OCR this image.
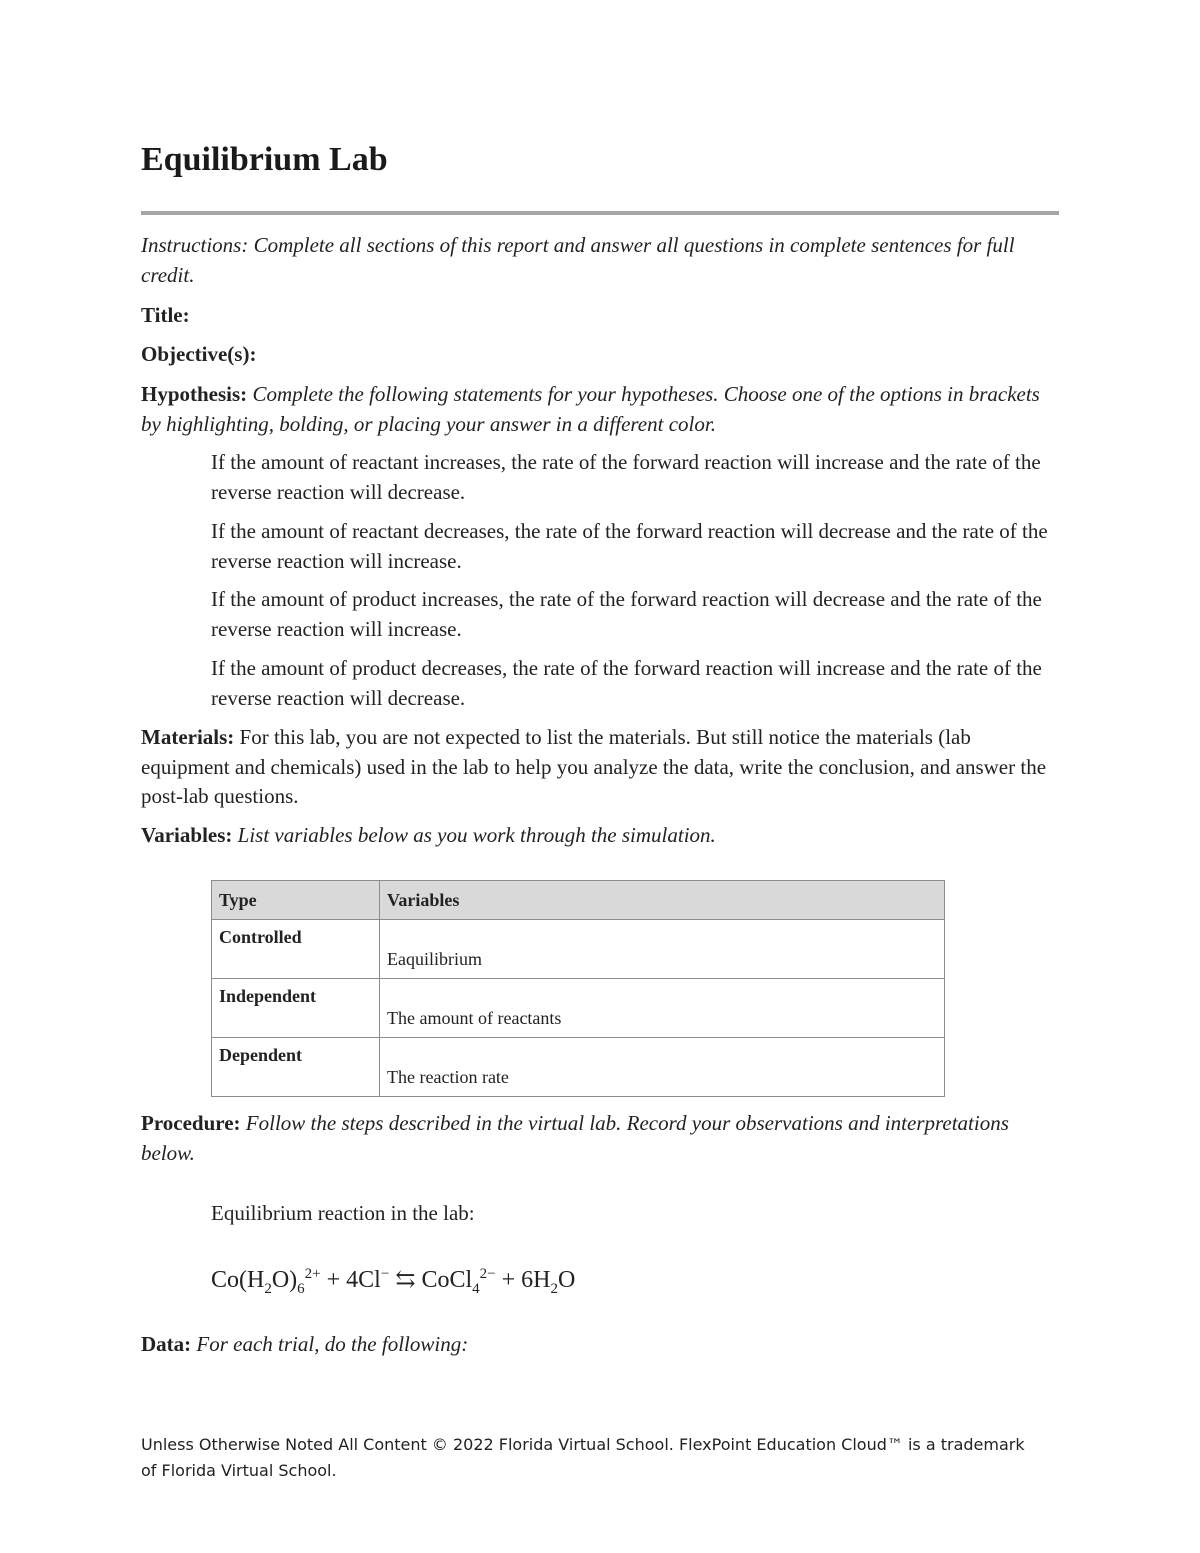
Equilibrium Lab

Instructions: Complete all sections of this report and answer all questions in complete sentences for full credit.

Title:

Objective(s):

Hypothesis: Complete the following statements for your hypotheses. Choose one of the options in brackets by highlighting, bolding, or placing your answer in a different color.

If the amount of reactant increases, the rate of the forward reaction will increase and the rate of the reverse reaction will decrease.

If the amount of reactant decreases, the rate of the forward reaction will decrease and the rate of the reverse reaction will increase.

If the amount of product increases, the rate of the forward reaction will decrease and the rate of the reverse reaction will increase.

If the amount of product decreases, the rate of the forward reaction will increase and the rate of the reverse reaction will decrease.

Materials: For this lab, you are not expected to list the materials. But still notice the materials (lab equipment and chemicals) used in the lab to help you analyze the data, write the conclusion, and answer the post-lab questions.

Variables: List variables below as you work through the simulation.

Type	Variables
Controlled	Eaquilibrium
Independent	The amount of reactants
Dependent	The reaction rate

Procedure: Follow the steps described in the virtual lab. Record your observations and interpretations below.

Equilibrium reaction in the lab:

$Co(H_2O)_6^{2+} + 4Cl^-$ ⇆ CoCl$_4^{2-}$ + $6H_2O$

Data: For each trial, do the following:

Unless Otherwise Noted All Content © 2022 Florida Virtual School. FlexPoint Education Cloud™ is a trademark of Florida Virtual School.
